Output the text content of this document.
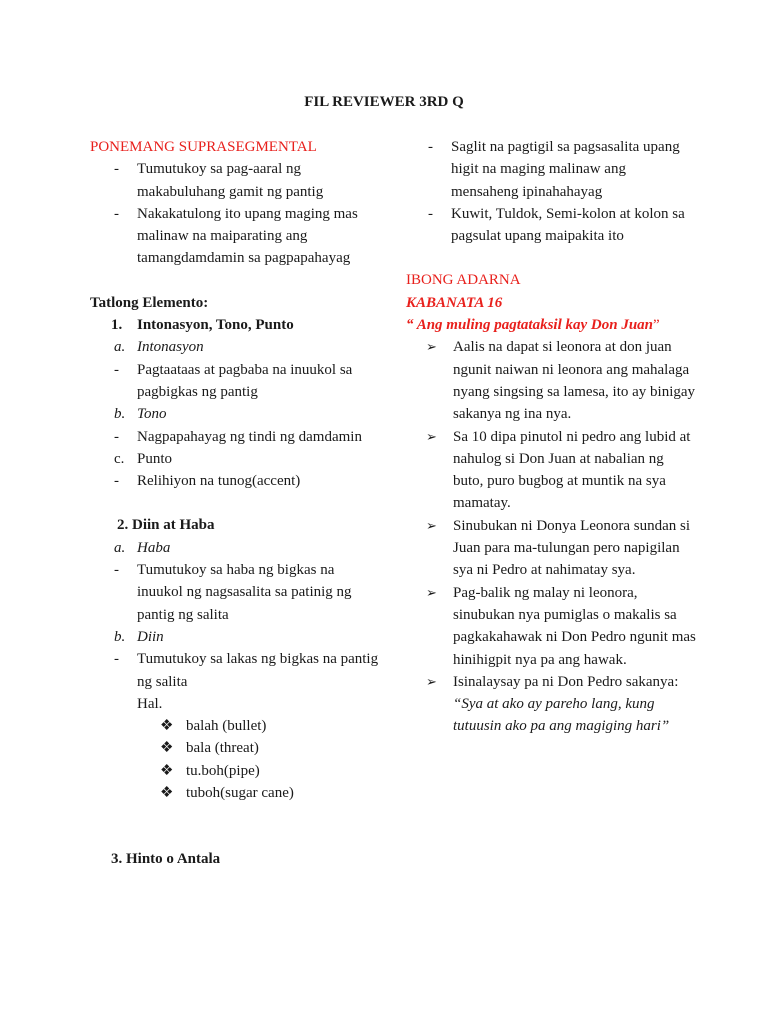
FIL REVIEWER 3RD Q
PONEMANG SUPRASEGMENTAL
-	Tumutukoy sa pag-aaral ng makabuluhang gamit ng pantig
-	Nakakatulong ito upang maging mas malinaw na maiparating ang tamangdamdamin sa pagpapahayag
Tatlong Elemento:
1. Intonasyon, Tono, Punto
a. Intonasyon
-	Pagtaataas at pagbaba na inuukol sa pagbigkas ng pantig
b. Tono
-	Nagpapahayag ng tindi ng damdamin
c. Punto
-	Relihiyon na tunog(accent)
2. Diin at Haba
a. Haba
-	Tumutukoy sa haba ng bigkas na inuukol ng nagsasalita sa patinig ng pantig ng salita
b. Diin
-	Tumutukoy sa lakas ng bigkas na pantig ng salita
Hal.
❖ balah (bullet)
❖ bala (threat)
❖ tu.boh(pipe)
❖ tuboh(sugar cane)
3. Hinto o Antala
-	Saglit na pagtigil sa pagsasalita upang higit na maging malinaw ang mensaheng ipinahahayag
-	Kuwit, Tuldok, Semi-kolon at kolon sa pagsulat upang maipakita ito
IBONG ADARNA
KABANATA 16
“ Ang muling pagtataksil kay Don Juan”
➢	Aalis na dapat si leonora at don juan ngunit naiwan ni leonora ang mahalaga nyang singsing sa lamesa, ito ay binigay sakanya ng ina nya.
➢	Sa 10 dipa pinutol ni pedro ang lubid at nahulog si Don Juan at nabalian ng buto, puro bugbog at muntik na sya mamatay.
➢	Sinubukan ni Donya Leonora sundan si Juan para ma-tulungan pero napigilan sya ni Pedro at nahimatay sya.
➢	Pag-balik ng malay ni leonora, sinubukan nya pumiglas o makalis sa pagkakahawak ni Don Pedro ngunit mas hinihigpit nya pa ang hawak.
➢	Isinalaysay pa ni Don Pedro sakanya: “Sya at ako ay pareho lang, kung tutuusin ako pa ang magiging hari”
